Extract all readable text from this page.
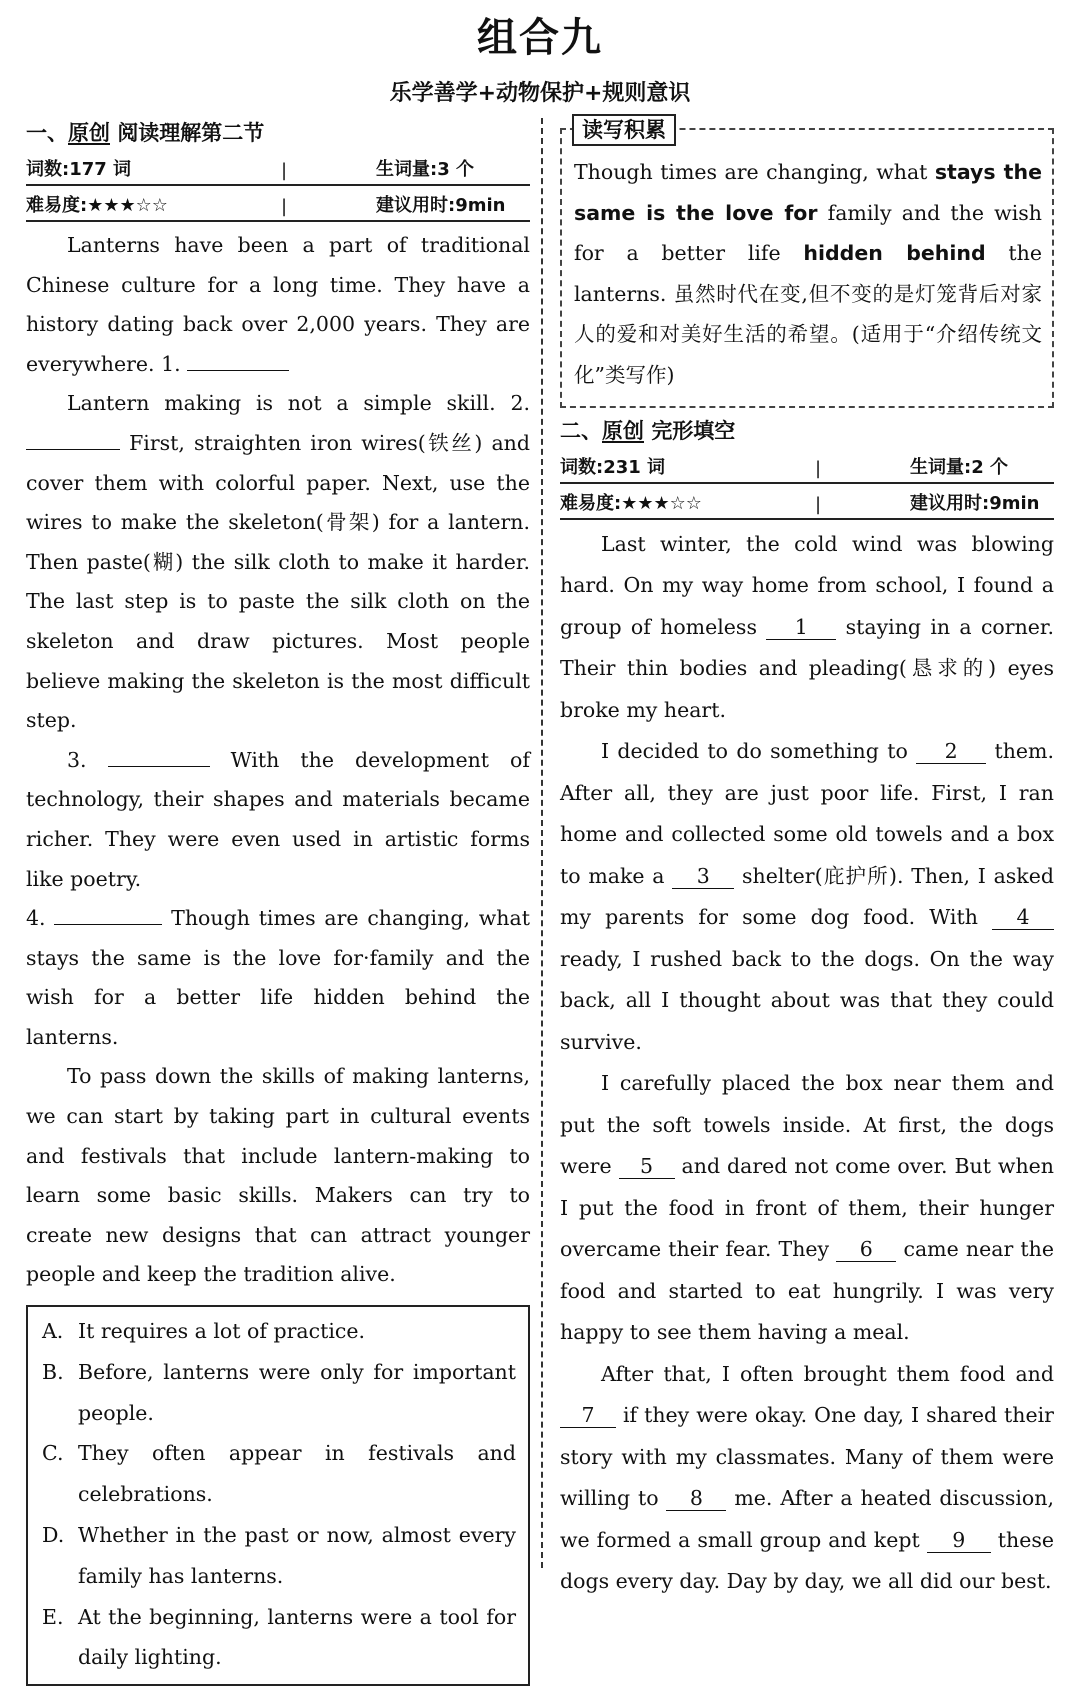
组合九
乐学善学+动物保护+规则意识
一、原创 阅读理解第二节
词数:177 词	|	生词量:3 个
难易度:★★★☆☆	|	建议用时:9min

Lanterns have been a part of traditional Chinese culture for a long time. They have a history dating back over 2,000 years. They are everywhere. 1.

Lantern making is not a simple skill. 2.  First, straighten iron wires(铁丝) and cover them with colorful paper. Next, use the wires to make the skeleton(骨架) for a lantern. Then paste(糊) the silk cloth to make it harder. The last step is to paste the silk cloth on the skeleton and draw pictures. Most people believe making the skeleton is the most difficult step.

3.	With the development of technology, their shapes and materials became richer. They were even used in artistic forms like poetry.

4.	Though times are changing, what stays the same is the love for·family and the wish for a better life hidden behind the lanterns.

To pass down the skills of making lanterns, we can start by taking part in cultural events and festivals that include lantern-making to learn some basic skills. Makers can try to create new designs that can attract younger people and keep the tradition alive.

A. It requires a lot of practice.
B. Before, lanterns were only for important people.
C. They often appear in festivals and celebrations.
D. Whether in the past or now, almost every family has lanterns.
E. At the beginning, lanterns were a tool for daily lighting.
读写积累

Though times are changing, what stays the same is the love for family and the wish for a better life hidden behind the lanterns. 虽然时代在变,但不变的是灯笼背后对家人的爱和对美好生活的希望。(适用于“介绍传统文化”类写作)

二、原创 完形填空
词数:231 词	|	生词量:2 个
难易度:★★★☆☆	|	建议用时:9min

Last winter, the cold wind was blowing hard. On my way home from school, I found a group of homeless 1 staying in a corner. Their thin bodies and pleading(恳求的) eyes broke my heart.

I decided to do something to 2 them. After all, they are just poor life. First, I ran home and collected some old towels and a box to make a 3 shelter(庇护所). Then, I asked my parents for some dog food. With 4 ready, I rushed back to the dogs. On the way back, all I thought about was that they could survive.

I carefully placed the box near them and put the soft towels inside. At first, the dogs were 5 and dared not come over. But when I put the food in front of them, their hunger overcame their fear. They 6 came near the food and started to eat hungrily. I was very happy to see them having a meal.

After that, I often brought them food and 7 if they were okay. One day, I shared their story with my classmates. Many of them were willing to 8 me. After a heated discussion, we formed a small group and kept 9 these dogs every day. Day by day, we all did our best.
